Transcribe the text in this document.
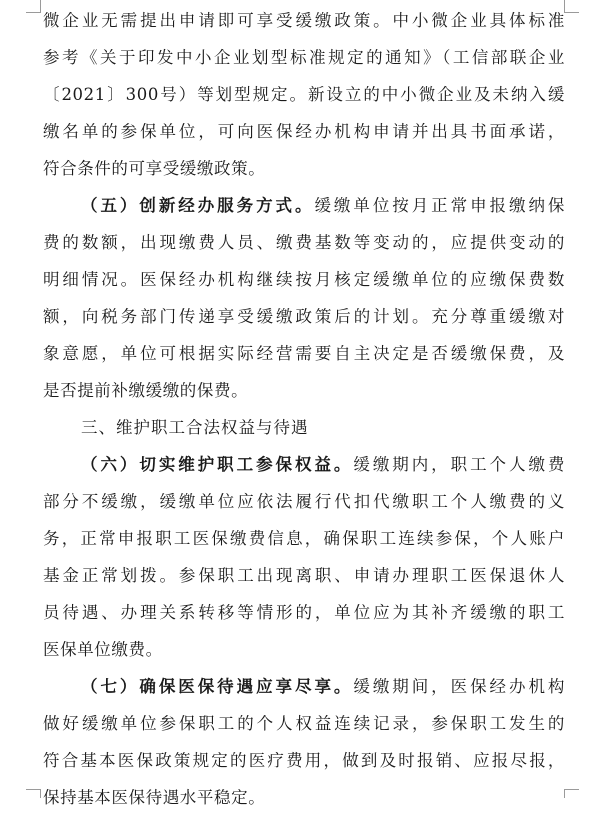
微企业无需提出申请即可享受缓缴政策。中小微企业具体标准
参考《关于印发中小企业划型标准规定的通知》（工信部联企业
〔2021〕300号）等划型规定。新设立的中小微企业及未纳入缓
缴名单的参保单位，可向医保经办机构申请并出具书面承诺，
符合条件的可享受缓缴政策。
（五）创新经办服务方式。缓缴单位按月正常申报缴纳保
费的数额，出现缴费人员、缴费基数等变动的，应提供变动的
明细情况。医保经办机构继续按月核定缓缴单位的应缴保费数
额，向税务部门传递享受缓缴政策后的计划。充分尊重缓缴对
象意愿，单位可根据实际经营需要自主决定是否缓缴保费，及
是否提前补缴缓缴的保费。
三、维护职工合法权益与待遇
（六）切实维护职工参保权益。缓缴期内，职工个人缴费
部分不缓缴，缓缴单位应依法履行代扣代缴职工个人缴费的义
务，正常申报职工医保缴费信息，确保职工连续参保，个人账户
基金正常划拨。参保职工出现离职、申请办理职工医保退休人
员待遇、办理关系转移等情形的，单位应为其补齐缓缴的职工
医保单位缴费。
（七）确保医保待遇应享尽享。缓缴期间，医保经办机构
做好缓缴单位参保职工的个人权益连续记录，参保职工发生的
符合基本医保政策规定的医疗费用，做到及时报销、应报尽报，
保持基本医保待遇水平稳定。
